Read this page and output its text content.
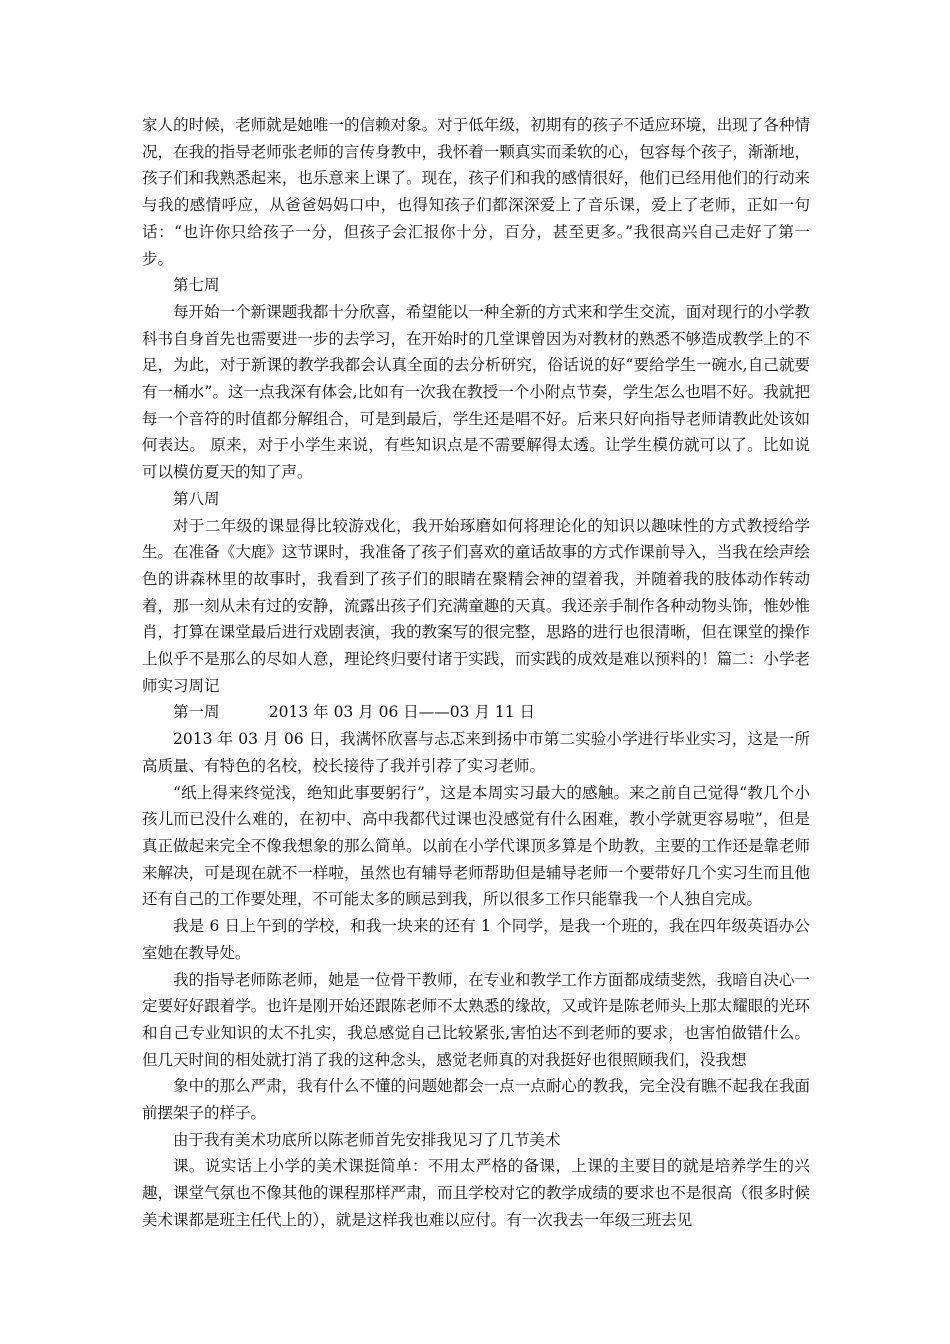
家人的时候，老师就是她唯一的信赖对象。对于低年级，初期有的孩子不适应环境，出现了各种情况，在我的指导老师张老师的言传身教中，我怀着一颗真实而柔软的心，包容每个孩子，渐渐地，孩子们和我熟悉起来，也乐意来上课了。现在，孩子们和我的感情很好，他们已经用他们的行动来与我的感情呼应，从爸爸妈妈口中，也得知孩子们都深深爱上了音乐课，爱上了老师，正如一句话：“也许你只给孩子一分，但孩子会汇报你十分，百分，甚至更多。”我很高兴自己走好了第一步。

第七周

每开始一个新课题我都十分欣喜，希望能以一种全新的方式来和学生交流，面对现行的小学教科书自身首先也需要进一步的去学习，在开始时的几堂课曾因为对教材的熟悉不够造成教学上的不足，为此，对于新课的教学我都会认真全面的去分析研究，俗话说的好“要给学生一碗水,自己就要有一桶水”。这一点我深有体会,比如有一次我在教授一个小附点节奏，学生怎么也唱不好。我就把每一个音符的时值都分解组合，可是到最后，学生还是唱不好。后来只好向指导老师请教此处该如何表达。 原来，对于小学生来说，有些知识点是不需要解得太透。让学生模仿就可以了。比如说可以模仿夏天的知了声。

第八周

对于二年级的课显得比较游戏化，我开始琢磨如何将理论化的知识以趣味性的方式教授给学生。在准备《大鹿》这节课时，我准备了孩子们喜欢的童话故事的方式作课前导入，当我在绘声绘色的讲森林里的故事时，我看到了孩子们的眼睛在聚精会神的望着我，并随着我的肢体动作转动着，那一刻从未有过的安静，流露出孩子们充满童趣的天真。我还亲手制作各种动物头饰，惟妙惟肖，打算在课堂最后进行戏剧表演，我的教案写的很完整，思路的进行也很清晰，但在课堂的操作上似乎不是那么的尽如人意，理论终归要付诸于实践，而实践的成效是难以预料的！篇二：小学老师实习周记

第一周          2013 年 03 月 06 日——03 月 11 日

2013 年 03 月 06 日，我满怀欣喜与忐忑来到扬中市第二实验小学进行毕业实习，这是一所高质量、有特色的名校，校长接待了我并引荐了实习老师。

“纸上得来终觉浅，绝知此事要躬行”，这是本周实习最大的感触。来之前自己觉得“教几个小孩儿而已没什么难的，在初中、高中我都代过课也没感觉有什么困难，教小学就更容易啦”，但是真正做起来完全不像我想象的那么简单。以前在小学代课顶多算是个助教，主要的工作还是靠老师来解决，可是现在就不一样啦，虽然也有辅导老师帮助但是辅导老师一个要带好几个实习生而且他还有自己的工作要处理，不可能太多的顾忌到我，所以很多工作只能靠我一个人独自完成。

我是 6 日上午到的学校，和我一块来的还有 1 个同学，是我一个班的，我在四年级英语办公室她在教导处。

我的指导老师陈老师，她是一位骨干教师，在专业和教学工作方面都成绩斐然，我暗自决心一定要好好跟着学。也许是刚开始还跟陈老师不太熟悉的缘故，又或许是陈老师头上那太耀眼的光环和自己专业知识的太不扎实，我总感觉自己比较紧张,害怕达不到老师的要求，也害怕做错什么。但几天时间的相处就打消了我的这种念头，感觉老师真的对我挺好也很照顾我们，没我想

象中的那么严肃，我有什么不懂的问题她都会一点一点耐心的教我，完全没有瞧不起我在我面前摆架子的样子。

由于我有美术功底所以陈老师首先安排我见习了几节美术

课。说实话上小学的美术课挺简单：不用太严格的备课，上课的主要目的就是培养学生的兴趣，课堂气氛也不像其他的课程那样严肃，而且学校对它的教学成绩的要求也不是很高（很多时候美术课都是班主任代上的），就是这样我也难以应付。有一次我去一年级三班去见
